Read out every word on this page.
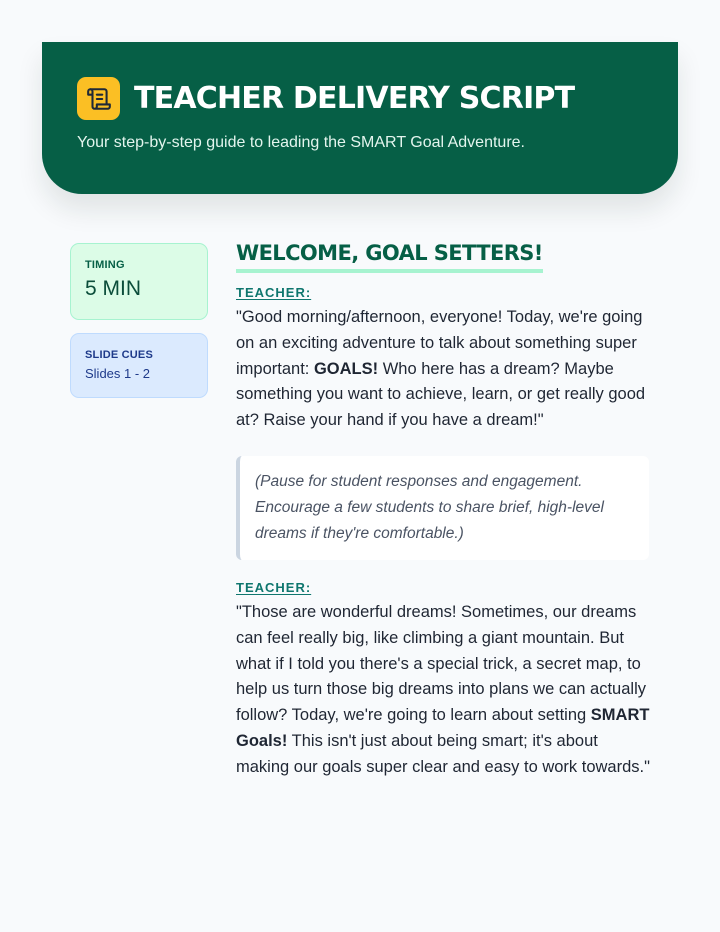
TEACHER DELIVERY SCRIPT

Your step-by-step guide to leading the SMART Goal Adventure.

TIMING
5 MIN
SLIDE CUES
Slides 1 - 2
WELCOME, GOAL SETTERS!
TEACHER:

"Good morning/afternoon, everyone! Today, we're going on an exciting adventure to talk about something super important: GOALS! Who here has a dream? Maybe something you want to achieve, learn, or get really good at? Raise your hand if you have a dream!"

(Pause for student responses and engagement. Encourage a few students to share brief, high-level dreams if they're comfortable.)
TEACHER:

"Those are wonderful dreams! Sometimes, our dreams can feel really big, like climbing a giant mountain. But what if I told you there's a special trick, a secret map, to help us turn those big dreams into plans we can actually follow? Today, we're going to learn about setting SMART Goals! This isn't just about being smart; it's about making our goals super clear and easy to work towards."
